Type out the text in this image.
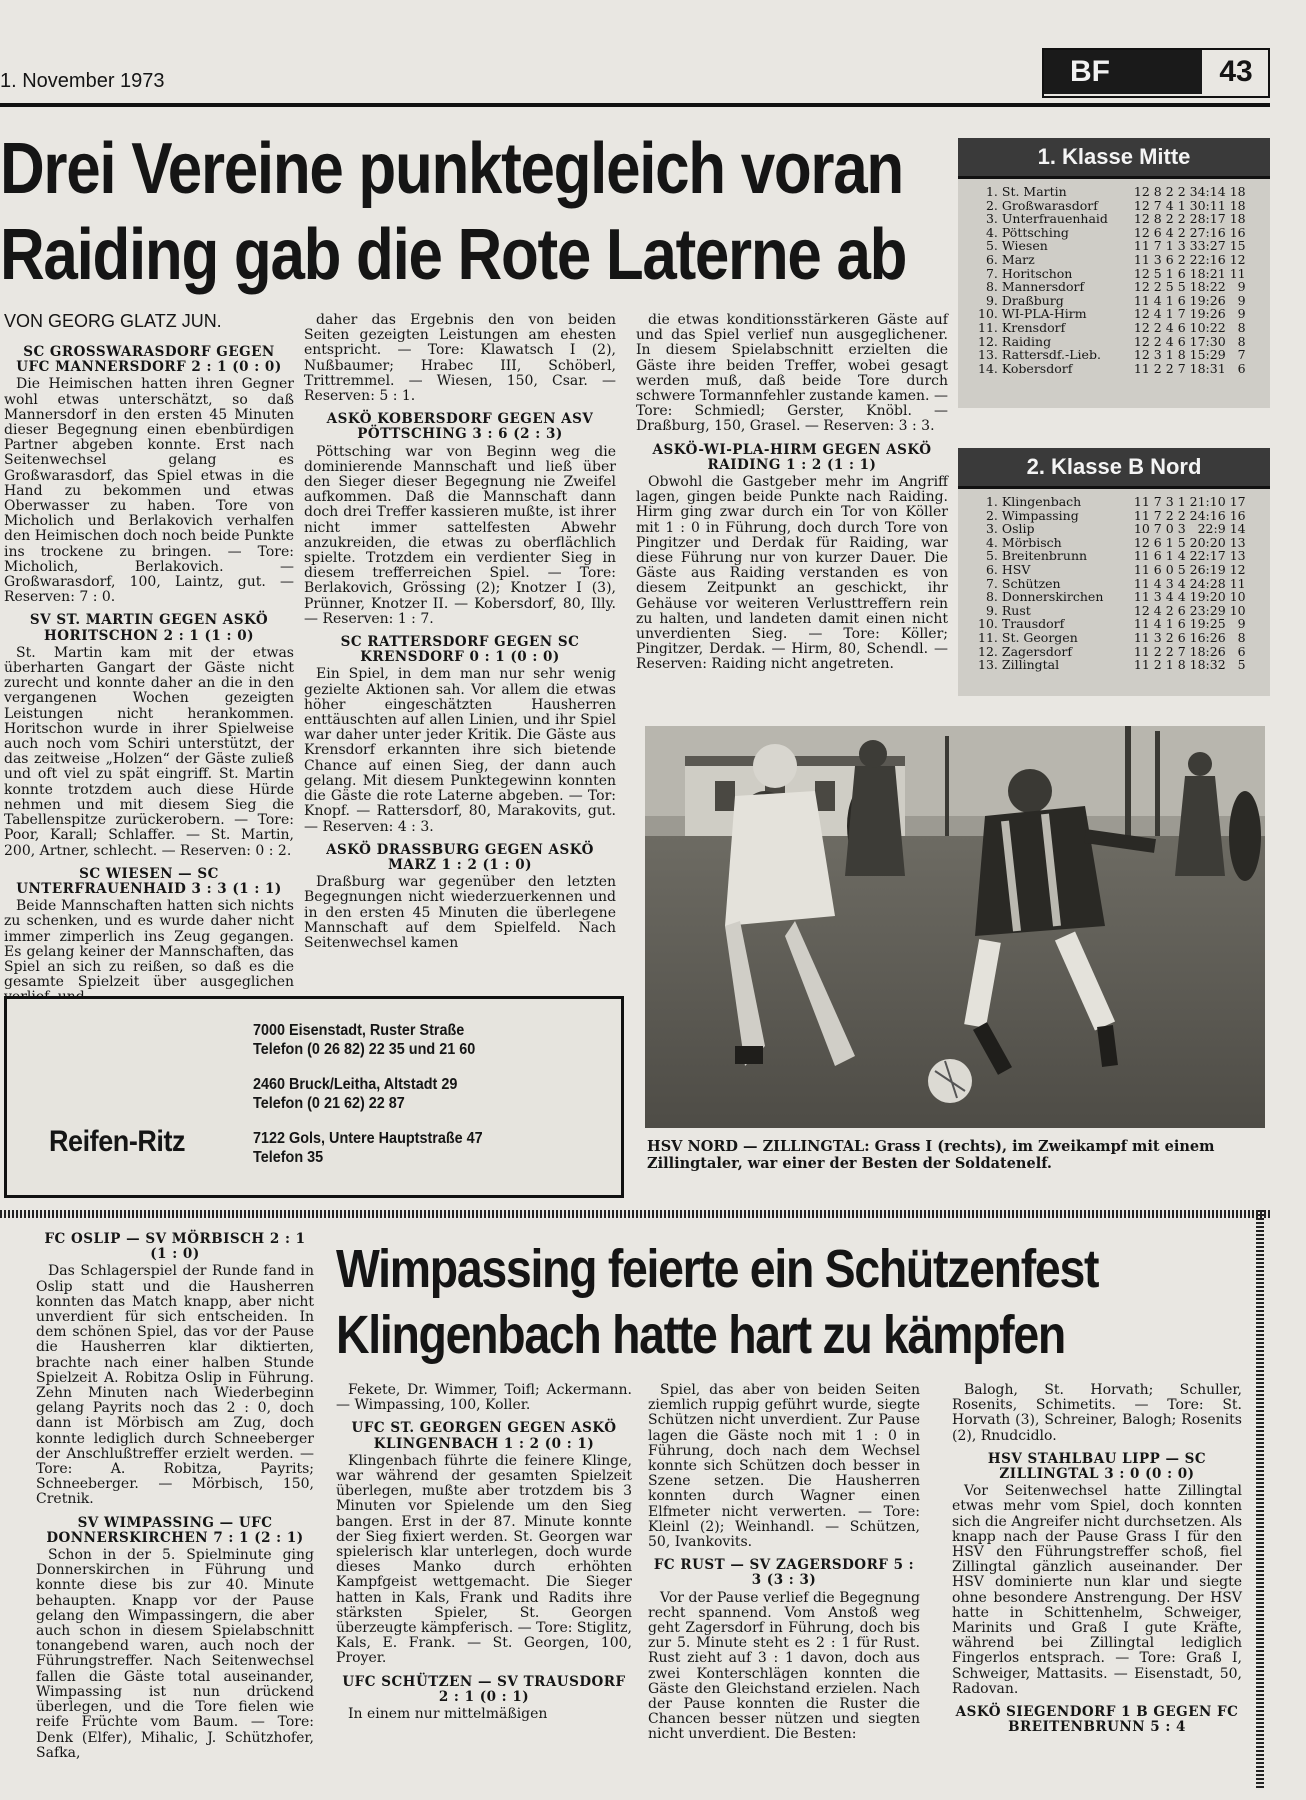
1. November 1973	BF	43
Drei Vereine punktegleich voran
Raiding gab die Rote Laterne ab
VON GEORG GLATZ JUN.

SC GROSSWARASDORF GEGEN UFC MANNERSDORF 2 : 1 (0 : 0)

Die Heimischen hatten ihren Gegner wohl etwas unterschätzt, so daß Mannersdorf in den ersten 45 Minuten dieser Begegnung einen ebenbürdigen Partner abgeben konnte. Erst nach Seitenwechsel gelang es Großwarasdorf, das Spiel etwas in die Hand zu bekommen und etwas Oberwasser zu haben. Tore von Micholich und Berlakovich verhalfen den Heimischen doch noch beide Punkte ins trockene zu bringen. — Tore: Micholich, Berlakovich. — Großwarasdorf, 100, Laintz, gut. — Reserven: 7 : 0.

SV ST. MARTIN GEGEN ASKÖ HORITSCHON 2 : 1 (1 : 0)

St. Martin kam mit der etwas überharten Gangart der Gäste nicht zurecht und konnte daher an die in den vergangenen Wochen gezeigten Leistungen nicht herankommen. Horitschon wurde in ihrer Spielweise auch noch vom Schiri unterstützt, der das zeitweise „Holzen“ der Gäste zuließ und oft viel zu spät eingriff. St. Martin konnte trotzdem auch diese Hürde nehmen und mit diesem Sieg die Tabellenspitze zurückerobern. — Tore: Poor, Karall; Schlaffer. — St. Martin, 200, Artner, schlecht. — Reserven: 0 : 2.

SC WIESEN — SC UNTERFRAUENHAID 3 : 3 (1 : 1)

Beide Mannschaften hatten sich nichts zu schenken, und es wurde daher nicht immer zimperlich ins Zeug gegangen. Es gelang keiner der Mannschaften, das Spiel an sich zu reißen, so daß es die gesamte Spielzeit über ausgeglichen

daher das Ergebnis den von beiden Seiten gezeigten Leistungen am ehesten entspricht. — Tore: Klawatsch I (2), Nußbaumer; Hrabec III, Schöberl, Trittremmel. — Wiesen, 150, Csar. — Reserven: 5 : 1.

ASKÖ KOBERSDORF GEGEN ASV PÖTTSCHING 3 : 6 (2 : 3)

Pöttsching war von Beginn weg die dominierende Mannschaft und ließ über den Sieger dieser Begegnung nie Zweifel aufkommen. Daß die Mannschaft dann doch drei Treffer kassieren mußte, ist ihrer nicht immer sattelfesten Abwehr anzukreiden, die etwas zu oberflächlich spielte. Trotzdem ein verdienter Sieg in diesem trefferreichen Spiel. — Tore: Berlakovich, Grössing (2); Knotzer I (3), Prünner, Knotzer II. — Kobersdorf, 80, Illy. — Reserven: 1 : 7.

SC RATTERSDORF GEGEN SC KRENSDORF 0 : 1 (0 : 0)

Ein Spiel, in dem man nur sehr wenig gezielte Aktionen sah. Vor allem die etwas höher eingeschätzten Hausherren enttäuschten auf allen Linien, und ihr Spiel war daher unter jeder Kritik. Die Gäste aus Krensdorf erkannten ihre sich bietende Chance auf einen Sieg, der dann auch gelang. Mit diesem Punktegewinn konnten die Gäste die rote Laterne abgeben. — Tor: Knopf. — Rattersdorf, 80, Marakovits, gut. — Reserven: 4 : 3.

ASKÖ DRASSBURG GEGEN ASKÖ MARZ 1 : 2 (1 : 0)

Draßburg war gegenüber den letzten Begegnungen nicht wiederzuerkennen und in den ersten 45 Minuten die überlegene Mannschaft auf dem Spielfeld. Nach Seitenwechsel kamen

die etwas konditionsstärkeren Gäste auf und das Spiel verlief nun ausgeglichener. In diesem Spielabschnitt erzielten die Gäste ihre beiden Treffer, wobei gesagt werden muß, daß beide Tore durch schwere Tormannfehler zustande kamen. — Tore: Schmiedl; Gerster, Knöbl. — Draßburg, 150, Grasel. — Reserven: 3 : 3.

ASKÖ-WI-PLA-HIRM GEGEN ASKÖ RAIDING 1 : 2 (1 : 1)

Obwohl die Gastgeber mehr im Angriff lagen, gingen beide Punkte nach Raiding. Hirm ging zwar durch ein Tor von Köller mit 1 : 0 in Führung, doch durch Tore von Pingitzer und Derdak für Raiding, war diese Führung nur von kurzer Dauer. Die Gäste aus Raiding verstanden es von diesem Zeitpunkt an geschickt, ihr Gehäuse vor weiteren Verlusttreffern rein zu halten, und landeten damit einen nicht unverdienten Sieg. — Tore: Köller; Pingitzer, Derdak. — Hirm, 80, Schendl. — Reserven: Raiding nicht angetreten.

1. Klasse Mitte
1.	St. Martin	12	8	2	2	34:14	18
2.	Großwarasdorf	12	7	4	1	30:11	18
3.	Unterfrauenhaid	12	8	2	2	28:17	18
4.	Pöttsching	12	6	4	2	27:16	16
5.	Wiesen	11	7	1	3	33:27	15
6.	Marz	11	3	6	2	22:16	12
7.	Horitschon	12	5	1	6	18:21	11
8.	Mannersdorf	12	2	5	5	18:22	9
9.	Draßburg	11	4	1	6	19:26	9
10.	WI-PLA-Hirm	12	4	1	7	19:26	9
11.	Krensdorf	12	2	4	6	10:22	8
12.	Raiding	12	2	4	6	17:30	8
13.	Rattersdf.-Lieb.	12	3	1	8	15:29	7
14.	Kobersdorf	11	2	2	7	18:31	6
2. Klasse B Nord
1.	Klingenbach	11	7	3	1	21:10	17
2.	Wimpassing	11	7	2	2	24:16	16
3.	Oslip	10	7	0	3	22:9	14
4.	Mörbisch	12	6	1	5	20:20	13
5.	Breitenbrunn	11	6	1	4	22:17	13
6.	HSV	11	6	0	5	26:19	12
7.	Schützen	11	4	3	4	24:28	11
8.	Donnerskirchen	11	3	4	4	19:20	10
9.	Rust	12	4	2	6	23:29	10
10.	Trausdorf	11	4	1	6	19:25	9
11.	St. Georgen	11	3	2	6	16:26	8
12.	Zagersdorf	11	2	2	7	18:26	6
13.	Zillingtal	11	2	1	8	18:32	5
HSV NORD — ZILLINGTAL: Grass I (rechts), im Zweikampf mit einem Zillingtaler, war einer der Besten der Soldatenelf.
Reifen-Ritz
7000 Eisenstadt, Ruster Straße
Telefon (0 26 82) 22 35 und 21 60
2460 Bruck/Leitha, Altstadt 29
Telefon (0 21 62) 22 87
7122 Gols, Untere Hauptstraße 47
Telefon 35
Wimpassing feierte ein Schützenfest
Klingenbach hatte hart zu kämpfen

FC OSLIP — SV MÖRBISCH 2 : 1 (1 : 0)

Das Schlagerspiel der Runde fand in Oslip statt und die Hausherren konnten das Match knapp, aber nicht unverdient für sich entscheiden. In dem schönen Spiel, das vor der Pause die Hausherren klar diktierten, brachte nach einer halben Stunde Spielzeit A. Robitza Oslip in Führung. Zehn Minuten nach Wiederbeginn gelang Payrits noch das 2 : 0, doch dann ist Mörbisch am Zug, doch konnte lediglich durch Schneeberger der Anschlußtreffer erzielt werden. — Tore: A. Robitza, Payrits; Schneeberger. — Mörbisch, 150, Cretnik.

SV WIMPASSING — UFC DONNERSKIRCHEN 7 : 1 (2 : 1)

Schon in der 5. Spielminute ging Donnerskirchen in Führung und konnte diese bis zur 40. Minute behaupten. Knapp vor der Pause gelang den Wimpassingern, die aber auch schon in diesem Spielabschnitt tonangebend waren, auch noch der Führungstreffer. Nach Seitenwechsel fallen die Gäste total auseinander, Wimpassing ist nun drückend überlegen, und die Tore fielen wie reife Früchte vom Baum. — Tore: Denk (Elfer), Mihalic, J. Schützhofer, Safka,

Fekete, Dr. Wimmer, Toifl; Ackermann. — Wimpassing, 100, Koller.

UFC ST. GEORGEN GEGEN ASKÖ KLINGENBACH 1 : 2 (0 : 1)

Klingenbach führte die feinere Klinge, war während der gesamten Spielzeit überlegen, mußte aber trotzdem bis 3 Minuten vor Spielende um den Sieg bangen. Erst in der 87. Minute konnte der Sieg fixiert werden. St. Georgen war spielerisch klar unterlegen, doch wurde dieses Manko durch erhöhten Kampfgeist wettgemacht. Die Sieger hatten in Kals, Frank und Radits ihre stärksten Spieler, St. Georgen überzeugte kämpferisch. — Tore: Stiglitz, Kals, E. Frank. — St. Georgen, 100, Proyer.

UFC SCHÜTZEN — SV TRAUSDORF 2 : 1 (0 : 1)

In einem nur mittelmäßigen

Spiel, das aber von beiden Seiten ziemlich ruppig geführt wurde, siegte Schützen nicht unverdient. Zur Pause lagen die Gäste noch mit 1 : 0 in Führung, doch nach dem Wechsel konnte sich Schützen doch besser in Szene setzen. Die Hausherren konnten durch Wagner einen Elfmeter nicht verwerten. — Tore: Kleinl (2); Weinhandl. — Schützen, 50, Ivankovits.

FC RUST — SV ZAGERSDORF 5 : 3 (3 : 3)

Vor der Pause verlief die Begegnung recht spannend. Vom Anstoß weg geht Zagersdorf in Führung, doch bis zur 5. Minute steht es 2 : 1 für Rust. Rust zieht auf 3 : 1 davon, doch aus zwei Konterschlägen konnten die Gäste den Gleichstand erzielen. Nach der Pause konnten die Ruster die Chancen besser nützen und siegten nicht unverdient. Die Besten:

Balogh, St. Horvath; Schuller, Rosenits, Schimetits. — Tore: St. Horvath (3), Schreiner, Balogh; Rosenits (2), Rnudcidlo.

HSV STAHLBAU LIPP — SC ZILLINGTAL 3 : 0 (0 : 0)

Vor Seitenwechsel hatte Zillingtal etwas mehr vom Spiel, doch konnten sich die Angreifer nicht durchsetzen. Als knapp nach der Pause Grass I für den HSV den Führungstreffer schoß, fiel Zillingtal gänzlich auseinander. Der HSV dominierte nun klar und siegte ohne besondere Anstrengung. Der HSV hatte in Schittenhelm, Schweiger, Marinits und Graß I gute Kräfte, während bei Zillingtal lediglich Fingerlos entsprach. — Tore: Graß I, Schweiger, Mattasits. — Eisenstadt, 50, Radovan.

ASKÖ SIEGENDORF 1 B GEGEN FC BREITENBRUNN 5 : 4
